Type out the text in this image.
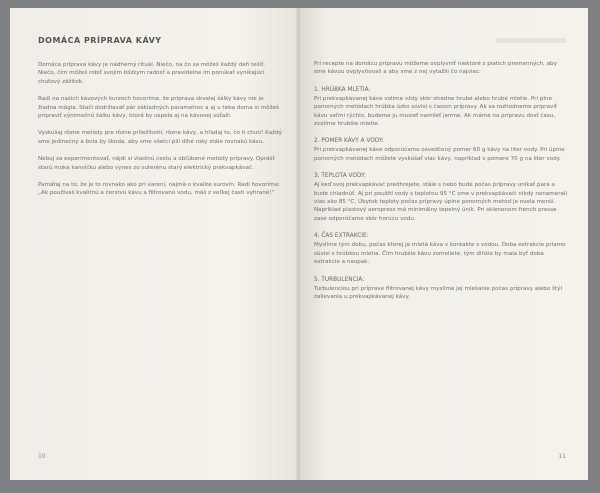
DOMÁCA PRÍPRAVA KÁVY

Domáca príprava kávy je nádherný rituál. Niečo, na čo sa môžeš každý deň tešiť. Niečo, čím môžeš robiť svojim blízkym radosť a pravidelne im ponúkať vynikajúci chuťový zážitok.

Radi na našich kávových kurzoch hovoríme, že príprava skvelej šálky kávy nie je žiadna mágia. Stačí dodržiavať pár základných parametrov a aj u teba doma si môžeš pripraviť výnimočnú šálku kávy, ktorá by uspela aj na kávovej súťaži.

Vyskúšaj rôzne metódy pre rôzne príležitosti, rôzne kávy, a hľadaj to, čo ti chutí! Každý sme jedinečný a bola by škoda, aby sme všetci pili dlhé roky stále rovnakú kávu.

Nebuj sa experimentovať, nájdi si vlastnú cestu a obľúbené metódy prípravy. Oprášť starú moka kanvičku alebo vynes zo suterénu starý elektrický prekvapkávač.

Pamätaj na to, že je to rovnako ako pri varení, najmä o kvalite surovín. Radi hovoríme: „Ak používaš kvalitnú a čerstvú kávu a filtrovanú vodu, máš z veľkej časti vyhrané!“

10

Pri recepte na domácu prípravu môžeme ovplyvniť niektoré z piatich premenných, aby sme kávou ovplyvňovali a aby sme z nej vytažili čo najviac:

1. HRÚBKA MLETIA:

Pri prekvapkávanej káve volíme vždy skôr stredne hrubé alebo hrubé mletie. Pri plne ponorných metódach hrúbka úzko súvisí s časom prípravy. Ak sa rozhodneme pripraviť kávu veľmi rýchlo, budeme ju musieť namlieť jemne. Ak máme na prípravu dosť času, zvolíme hrubšie mletie.

2. POMER KÁVY A VODY:

Pri prekvapkávanej káve odporúčame osvedčený pomer 60 g kávy na liter vody. Pri úplne ponorných metódach môžete vyskúšať viac kávy, napríklad v pomere 70 g na liter vody.

3. TEPLOTA VODY:

Aj keď svoj prekvapkávač predhrejete, stále s nebo bude počas prípravy unikať para a bude chladnúť. Aj pri použití vody s teplotou 95 °C sme v prekvapkávači nikdy nenamerali viac ako 85 °C. Úbytok teploty počas prípravy úplne ponorných metód je ovela menší. Napríklad plastový aeropress má minimálny tepelný únik. Pri sklenenom french presse zase odporúčame skôr horúcu vodu.

4. ČAS EXTRAKCIE:

Myslíme tým dobu, počas ktorej je mletá káva v kontakte s vodou. Doba extrakcie priamo súvisí s hrúbkou mletia. Čím hrubšie kávu zomeliete, tým dlhšie by mala byť doba extrakcie a naopak.

5. TURBULENCIA:

Turbulenciou pri príprave filtrovanej kávy myslíme jej miešanie počas prípravy alebo štýl zalievania u prekvapkávanej kávy.

11
